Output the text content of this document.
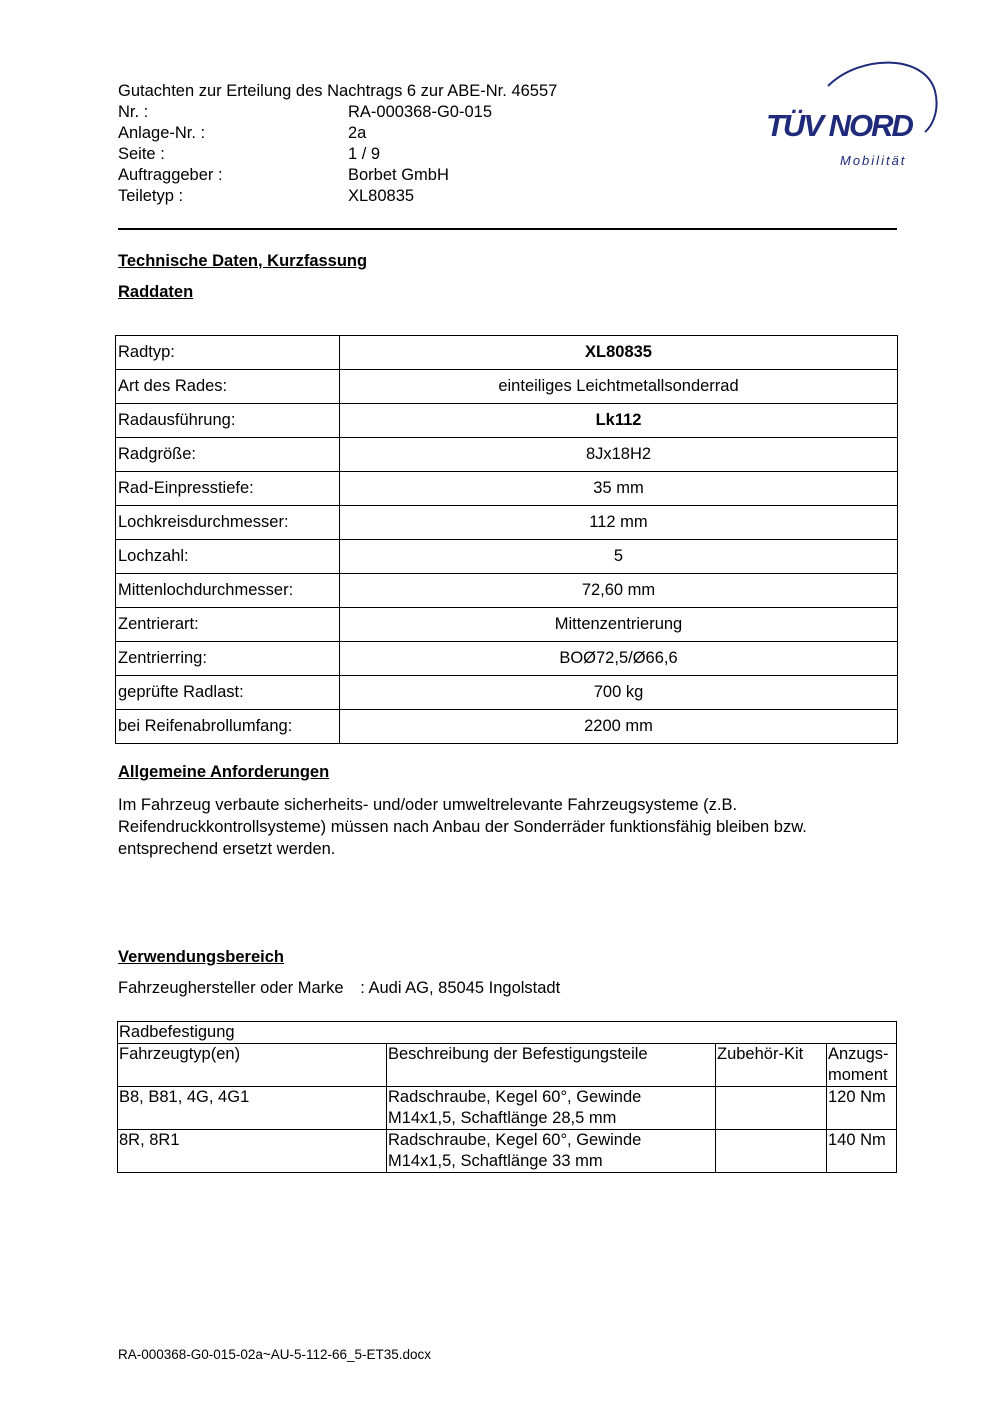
Gutachten zur Erteilung des Nachtrags 6 zur ABE-Nr. 46557
Nr. :	RA-000368-G0-015
Anlage-Nr. :	2a
Seite :	1 / 9
Auftraggeber :	Borbet GmbH
Teiletyp :	XL80835
TÜV NORD
Mobilität
Technische Daten, Kurzfassung
Raddaten
Radtyp:	XL80835
Art des Rades:	einteiliges Leichtmetallsonderrad
Radausführung:	Lk112
Radgröße:	8Jx18H2
Rad-Einpresstiefe:	35 mm
Lochkreisdurchmesser:	112 mm
Lochzahl:	5
Mittenlochdurchmesser:	72,60 mm
Zentrierart:	Mittenzentrierung
Zentrierring:	BOØ72,5/Ø66,6
geprüfte Radlast:	700 kg
bei Reifenabrollumfang:	2200 mm
Allgemeine Anforderungen
Im Fahrzeug verbaute sicherheits- und/oder umweltrelevante Fahrzeugsysteme (z.B. Reifendruckkontrollsysteme) müssen nach Anbau der Sonderräder funktionsfähig bleiben bzw. entsprechend ersetzt werden.
Verwendungsbereich
Fahrzeughersteller oder Marke : Audi AG, 85045 Ingolstadt
Radbefestigung			
Fahrzeugtyp(en)	Beschreibung der Befestigungsteile	Zubehör-Kit	Anzugs-
moment
B8, B81, 4G, 4G1	Radschraube, Kegel 60°, Gewinde
M14x1,5, Schaftlänge 28,5 mm		120 Nm
8R, 8R1	Radschraube, Kegel 60°, Gewinde
M14x1,5, Schaftlänge 33 mm		140 Nm
RA-000368-G0-015-02a~AU-5-112-66_5-ET35.docx
